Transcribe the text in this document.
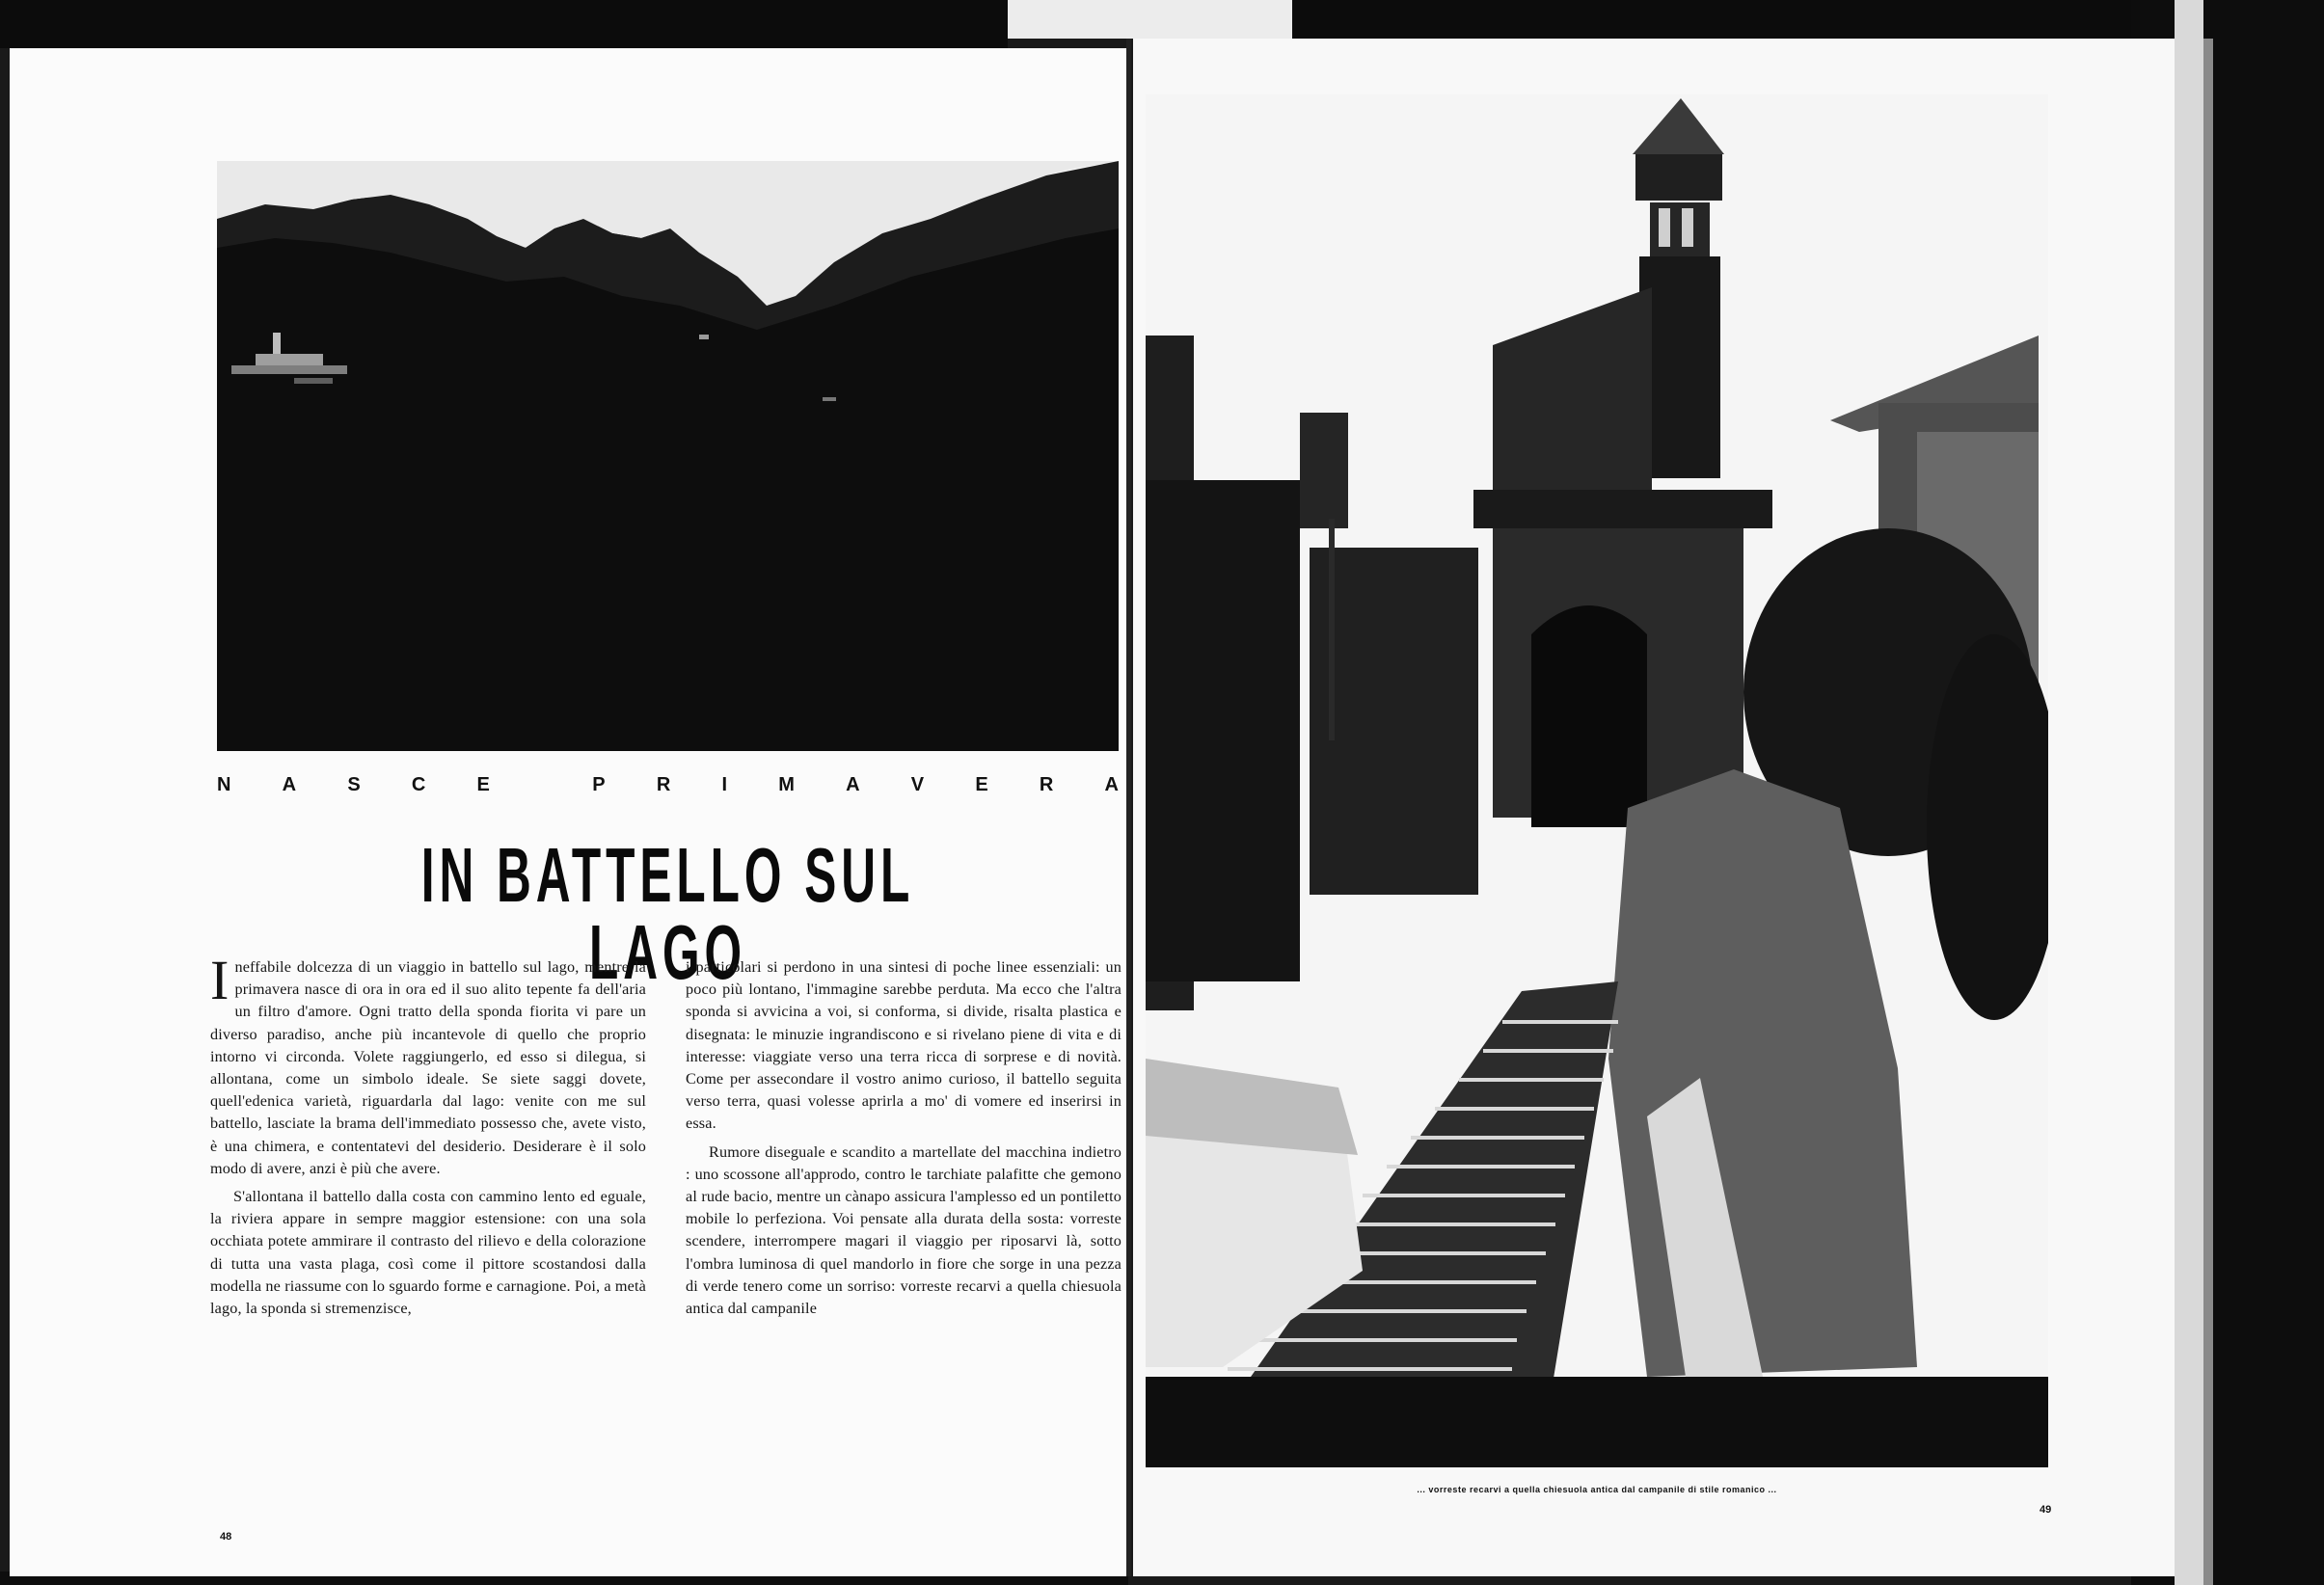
N	A	S	C	E	P	R	I	M	A	V	E	R	A
IN BATTELLO SUL LAGO

Ineffabile dolcezza di un viaggio in battello sul lago, mentre la primavera nasce di ora in ora ed il suo alito tepente fa dell'aria un filtro d'amore. Ogni tratto della sponda fiorita vi pare un diverso paradiso, anche più incantevole di quello che proprio intorno vi circonda. Volete raggiungerlo, ed esso si dilegua, si allontana, come un simbolo ideale. Se siete saggi dovete, quell'edenica varietà, riguardarla dal lago: venite con me sul battello, lasciate la brama dell'immediato possesso che, avete visto, è una chimera, e contentatevi del desiderio. Desiderare è il solo modo di avere, anzi è più che avere.

S'allontana il battello dalla costa con cammino lento ed eguale, la riviera appare in sempre maggior estensione: con una sola occhiata potete ammirare il contrasto del rilievo e della colorazione di tutta una vasta plaga, così come il pittore scostandosi dalla modella ne riassume con lo sguardo forme e carnagione. Poi, a metà lago, la sponda si stremenzisce,

i particolari si perdono in una sintesi di poche linee essenziali: un poco più lontano, l'immagine sarebbe perduta. Ma ecco che l'altra sponda si avvicina a voi, si conforma, si divide, risalta plastica e disegnata: le minuzie ingrandiscono e si rivelano piene di vita e di interesse: viaggiate verso una terra ricca di sorprese e di novità. Come per assecondare il vostro animo curioso, il battello seguita verso terra, quasi volesse aprirla a mo' di vomere ed inserirsi in essa.

Rumore diseguale e scandito a martellate del macchina indietro : uno scossone all'approdo, contro le tarchiate palafitte che gemono al rude bacio, mentre un cànapo assicura l'amplesso ed un pontiletto mobile lo perfeziona. Voi pensate alla durata della sosta: vorreste scendere, interrompere magari il viaggio per riposarvi là, sotto l'ombra luminosa di quel mandorlo in fiore che sorge in una pezza di verde tenero come un sorriso: vorreste recarvi a quella chiesuola antica dal campanile

48
... vorreste recarvi a quella chiesuola antica dal campanile di stile romanico ...
49
